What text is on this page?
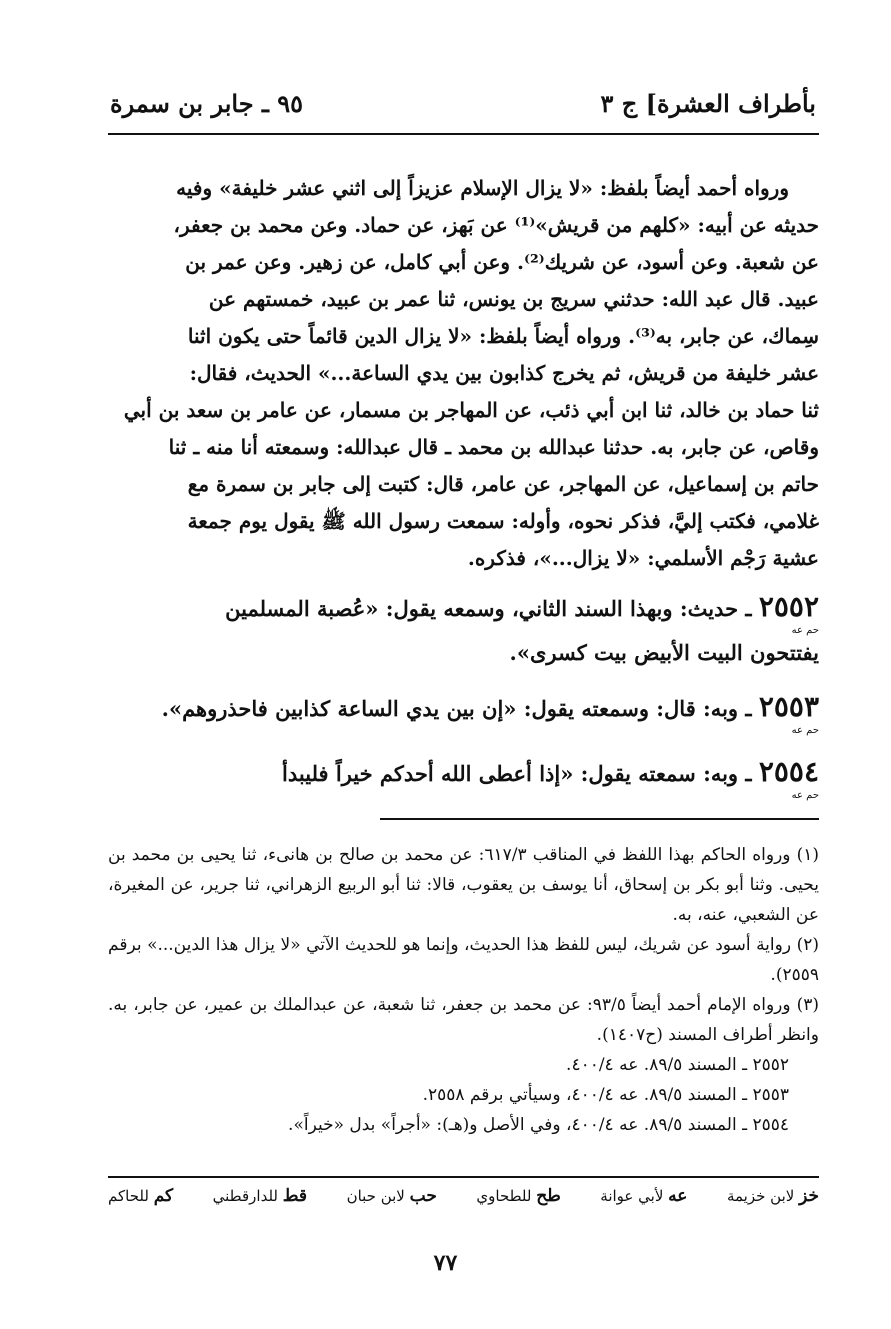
بأطراف العشرة] ج ٣
٩٥ ـ جابر بن سمرة

ورواه أحمد أيضاً بلفظ: «لا يزال الإسلام عزيزاً إلى اثني عشر خليفة» وفيه

حديثه عن أبيه: «كلهم من قريش»⁽¹⁾ عن بَهز، عن حماد. وعن محمد بن جعفر،

عن شعبة. وعن أسود، عن شريك⁽²⁾. وعن أبي كامل، عن زهير. وعن عمر بن

عبيد. قال عبد الله: حدثني سريج بن يونس، ثنا عمر بن عبيد، خمستهم عن

سِماك، عن جابر، به⁽³⁾. ورواه أيضاً بلفظ: «لا يزال الدين قائماً حتى يكون اثنا

عشر خليفة من قريش، ثم يخرج كذابون بين يدي الساعة...» الحديث، فقال:

ثنا حماد بن خالد، ثنا ابن أبي ذئب، عن المهاجر بن مسمار، عن عامر بن سعد بن أبي

وقاص، عن جابر، به. حدثنا عبدالله بن محمد ـ قال عبدالله: وسمعته أنا منه ـ ثنا

حاتم بن إسماعيل، عن المهاجر، عن عامر، قال: كتبت إلى جابر بن سمرة مع

غلامي، فكتب إليَّ، فذكر نحوه، وأوله: سمعت رسول الله ﷺ يقول يوم جمعة

عشية رَجْم الأسلمي: «لا يزال...»، فذكره.

٢٥٥٢ ـ حديث: وبهذا السند الثاني، وسمعه يقول: «عُصبة المسلمين
حم عه
يفتتحون البيت الأبيض بيت كسرى».
٢٥٥٣ ـ وبه: قال: وسمعته يقول: «إن بين يدي الساعة كذابين فاحذروهم».
حم عه
٢٥٥٤ ـ وبه: سمعته يقول: «إذا أعطى الله أحدكم خيراً فليبدأ
حم عه

(١) ورواه الحاكم بهذا اللفظ في المناقب ٦١٧/٣: عن محمد بن صالح بن هانىء، ثنا يحيى بن محمد بن يحيى. وثنا أبو بكر بن إسحاق، أنا يوسف بن يعقوب، قالا: ثنا أبو الربيع الزهراني، ثنا جرير، عن المغيرة، عن الشعبي، عنه، به.

(٢) رواية أسود عن شريك، ليس للفظ هذا الحديث، وإنما هو للحديث الآتي «لا يزال هذا الدين...» برقم ٢٥٥٩).

(٣) ورواه الإمام أحمد أيضاً ٩٣/٥: عن محمد بن جعفر، ثنا شعبة، عن عبدالملك بن عمير، عن جابر، به. وانظر أطراف المسند (ح١٤٠٧).

٢٥٥٢ ـ المسند ٨٩/٥. عه ٤٠٠/٤.

٢٥٥٣ ـ المسند ٨٩/٥. عه ٤٠٠/٤، وسيأتي برقم ٢٥٥٨.

٢٥٥٤ ـ المسند ٨٩/٥. عه ٤٠٠/٤، وفي الأصل و(هـ): «أجراً» بدل «خيراً».

خز لابن خزيمة
عه لأبي عوانة
طح للطحاوي
حب لابن حبان
قط للدارقطني
كم للحاكم
٧٧
